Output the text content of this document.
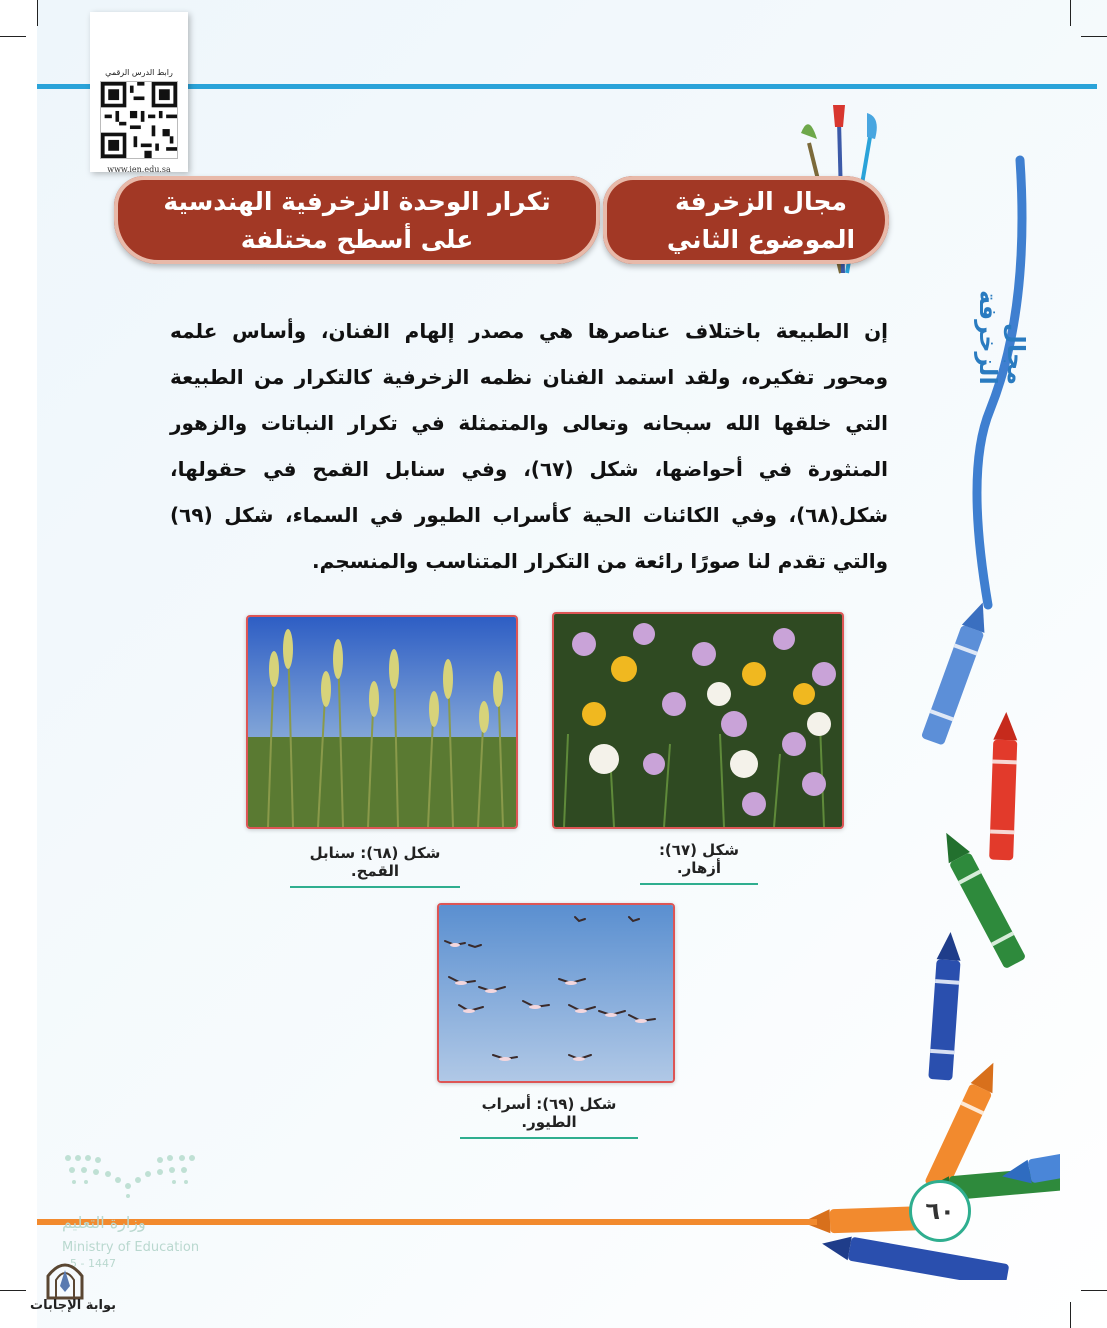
رابط الدرس الرقمي
www.ien.edu.sa
تكرار الوحدة الزخرفية الهندسية
على أسطح مختلفة
مجال الزخرفة
الموضوع الثاني
مجال الزخرفة
إن الطبيعة باختلاف عناصرها هي مصدر إلهام الفنان، وأساس علمه ومحور تفكيره، ولقد استمد الفنان نظمه الزخرفية كالتكرار من الطبيعة التي خلقها الله سبحانه وتعالى والمتمثلة في تكرار النباتات والزهور المنثورة في أحواضها، شكل (٦٧)، وفي سنابل القمح في حقولها، شكل(٦٨)، وفي الكائنات الحية كأسراب الطيور في السماء، شكل (٦٩) والتي تقدم لنا صورًا رائعة من التكرار المتناسب والمنسجم.
شكل (٦٨): سنابل القمح.
شكل (٦٧): أزهار.
شكل (٦٩): أسراب الطيور.
٦٠
وزارة التعليم
Ministry of Education
5 - 1447
بوابة الإجابات
